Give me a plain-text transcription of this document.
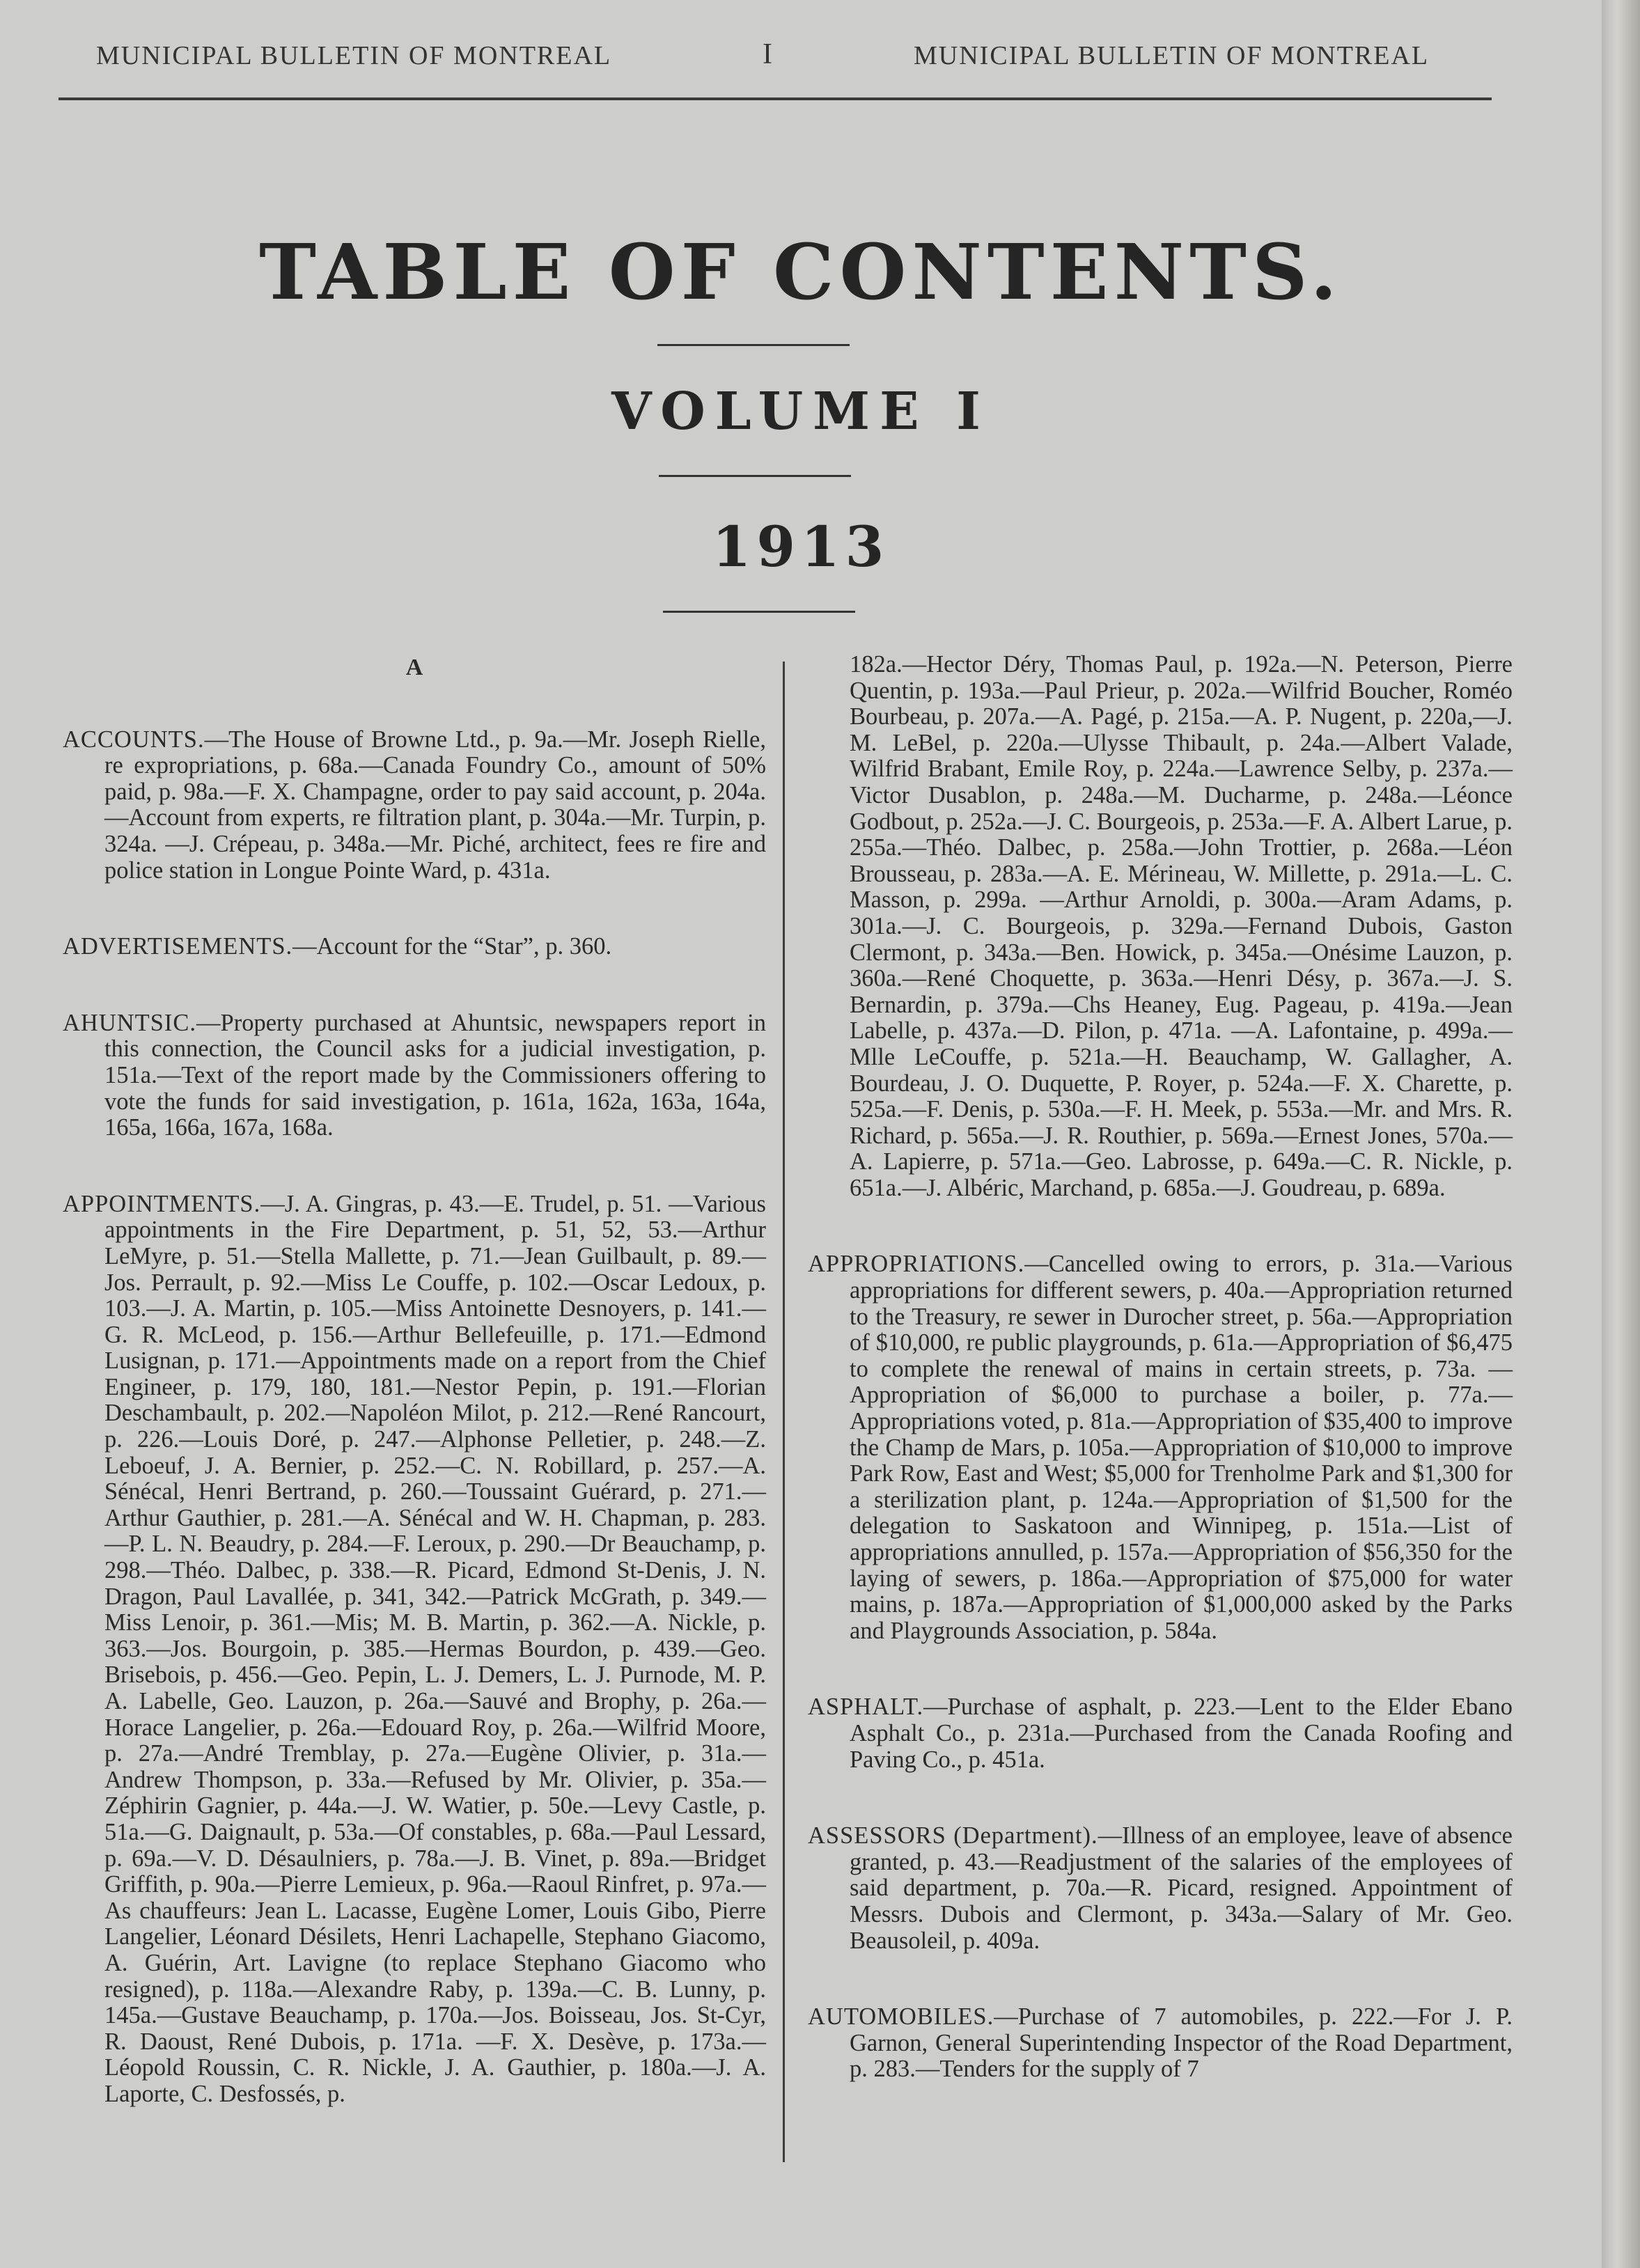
MUNICIPAL BULLETIN OF MONTREAL	I	MUNICIPAL BULLETIN OF MONTREAL
TABLE OF CONTENTS.
VOLUME I
1913
A

ACCOUNTS.—The House of Browne Ltd., p. 9a.—Mr. Joseph Rielle, re expropriations, p. 68a.—Canada Foundry Co., amount of 50% paid, p. 98a.—F. X. Champagne, order to pay said account, p. 204a.—Account from experts, re filtration plant, p. 304a.—Mr. Turpin, p. 324a. —J. Crépeau, p. 348a.—Mr. Piché, architect, fees re fire and police station in Longue Pointe Ward, p. 431a.

ADVERTISEMENTS.—Account for the “Star”, p. 360.

AHUNTSIC.—Property purchased at Ahuntsic, newspapers report in this connection, the Council asks for a judicial investigation, p. 151a.—Text of the report made by the Commissioners offering to vote the funds for said investigation, p. 161a, 162a, 163a, 164a, 165a, 166a, 167a, 168a.

APPOINTMENTS.—J. A. Gingras, p. 43.—E. Trudel, p. 51. —Various appointments in the Fire Department, p. 51, 52, 53.—Arthur LeMyre, p. 51.—Stella Mallette, p. 71.—Jean Guilbault, p. 89.—Jos. Perrault, p. 92.—Miss Le Couffe, p. 102.—Oscar Ledoux, p. 103.—J. A. Martin, p. 105.—Miss Antoinette Desnoyers, p. 141.—G. R. McLeod, p. 156.—Arthur Bellefeuille, p. 171.—Edmond Lusignan, p. 171.—Appointments made on a report from the Chief Engineer, p. 179, 180, 181.—Nestor Pepin, p. 191.—Florian Deschambault, p. 202.—Napoléon Milot, p. 212.—René Rancourt, p. 226.—Louis Doré, p. 247.—Alphonse Pelletier, p. 248.—Z. Leboeuf, J. A. Bernier, p. 252.—C. N. Robillard, p. 257.—A. Sénécal, Henri Bertrand, p. 260.—Toussaint Guérard, p. 271.—Arthur Gauthier, p. 281.—A. Sénécal and W. H. Chapman, p. 283. —P. L. N. Beaudry, p. 284.—F. Leroux, p. 290.—Dr Beauchamp, p. 298.—Théo. Dalbec, p. 338.—R. Picard, Edmond St-Denis, J. N. Dragon, Paul Lavallée, p. 341, 342.—Patrick McGrath, p. 349.—Miss Lenoir, p. 361.—Mis; M. B. Martin, p. 362.—A. Nickle, p. 363.—Jos. Bourgoin, p. 385.—Hermas Bourdon, p. 439.—Geo. Brisebois, p. 456.—Geo. Pepin, L. J. Demers, L. J. Purnode, M. P. A. Labelle, Geo. Lauzon, p. 26a.—Sauvé and Brophy, p. 26a.—Horace Langelier, p. 26a.—Edouard Roy, p. 26a.—Wilfrid Moore, p. 27a.—André Tremblay, p. 27a.—Eugène Olivier, p. 31a.—Andrew Thompson, p. 33a.—Refused by Mr. Olivier, p. 35a.—Zéphirin Gagnier, p. 44a.—J. W. Watier, p. 50e.—Levy Castle, p. 51a.—G. Daignault, p. 53a.—Of constables, p. 68a.—Paul Lessard, p. 69a.—V. D. Désaulniers, p. 78a.—J. B. Vinet, p. 89a.—Bridget Griffith, p. 90a.—Pierre Lemieux, p. 96a.—Raoul Rinfret, p. 97a.—As chauffeurs: Jean L. Lacasse, Eugène Lomer, Louis Gibo, Pierre Langelier, Léonard Désilets, Henri Lachapelle, Stephano Giacomo, A. Guérin, Art. Lavigne (to replace Stephano Giacomo who resigned), p. 118a.—Alexandre Raby, p. 139a.—C. B. Lunny, p. 145a.—Gustave Beauchamp, p. 170a.—Jos. Boisseau, Jos. St-Cyr, R. Daoust, René Dubois, p. 171a. —F. X. Desève, p. 173a.—Léopold Roussin, C. R. Nickle, J. A. Gauthier, p. 180a.—J. A. Laporte, C. Desfossés, p.

182a.—Hector Déry, Thomas Paul, p. 192a.—N. Peterson, Pierre Quentin, p. 193a.—Paul Prieur, p. 202a.—Wilfrid Boucher, Roméo Bourbeau, p. 207a.—A. Pagé, p. 215a.—A. P. Nugent, p. 220a,—J. M. LeBel, p. 220a.—Ulysse Thibault, p. 24a.—Albert Valade, Wilfrid Brabant, Emile Roy, p. 224a.—Lawrence Selby, p. 237a.—Victor Dusablon, p. 248a.—M. Ducharme, p. 248a.—Léonce Godbout, p. 252a.—J. C. Bourgeois, p. 253a.—F. A. Albert Larue, p. 255a.—Théo. Dalbec, p. 258a.—John Trottier, p. 268a.—Léon Brousseau, p. 283a.—A. E. Mérineau, W. Millette, p. 291a.—L. C. Masson, p. 299a. —Arthur Arnoldi, p. 300a.—Aram Adams, p. 301a.—J. C. Bourgeois, p. 329a.—Fernand Dubois, Gaston Clermont, p. 343a.—Ben. Howick, p. 345a.—Onésime Lauzon, p. 360a.—René Choquette, p. 363a.—Henri Désy, p. 367a.—J. S. Bernardin, p. 379a.—Chs Heaney, Eug. Pageau, p. 419a.—Jean Labelle, p. 437a.—D. Pilon, p. 471a. —A. Lafontaine, p. 499a.—Mlle LeCouffe, p. 521a.—H. Beauchamp, W. Gallagher, A. Bourdeau, J. O. Duquette, P. Royer, p. 524a.—F. X. Charette, p. 525a.—F. Denis, p. 530a.—F. H. Meek, p. 553a.—Mr. and Mrs. R. Richard, p. 565a.—J. R. Routhier, p. 569a.—Ernest Jones, 570a.—A. Lapierre, p. 571a.—Geo. Labrosse, p. 649a.—C. R. Nickle, p. 651a.—J. Albéric, Marchand, p. 685a.—J. Goudreau, p. 689a.

APPROPRIATIONS.—Cancelled owing to errors, p. 31a.—Various appropriations for different sewers, p. 40a.—Appropriation returned to the Treasury, re sewer in Durocher street, p. 56a.—Appropriation of $10,000, re public playgrounds, p. 61a.—Appropriation of $6,475 to complete the renewal of mains in certain streets, p. 73a. —Appropriation of $6,000 to purchase a boiler, p. 77a.—Appropriations voted, p. 81a.—Appropriation of $35,400 to improve the Champ de Mars, p. 105a.—Appropriation of $10,000 to improve Park Row, East and West; $5,000 for Trenholme Park and $1,300 for a sterilization plant, p. 124a.—Appropriation of $1,500 for the delegation to Saskatoon and Winnipeg, p. 151a.—List of appropriations annulled, p. 157a.—Appropriation of $56,350 for the laying of sewers, p. 186a.—Appropriation of $75,000 for water mains, p. 187a.—Appropriation of $1,000,000 asked by the Parks and Playgrounds Association, p. 584a.

ASPHALT.—Purchase of asphalt, p. 223.—Lent to the Elder Ebano Asphalt Co., p. 231a.—Purchased from the Canada Roofing and Paving Co., p. 451a.

ASSESSORS (Department).—Illness of an employee, leave of absence granted, p. 43.—Readjustment of the salaries of the employees of said department, p. 70a.—R. Picard, resigned. Appointment of Messrs. Dubois and Clermont, p. 343a.—Salary of Mr. Geo. Beausoleil, p. 409a.

AUTOMOBILES.—Purchase of 7 automobiles, p. 222.—For J. P. Garnon, General Superintending Inspector of the Road Department, p. 283.—Tenders for the supply of 7
